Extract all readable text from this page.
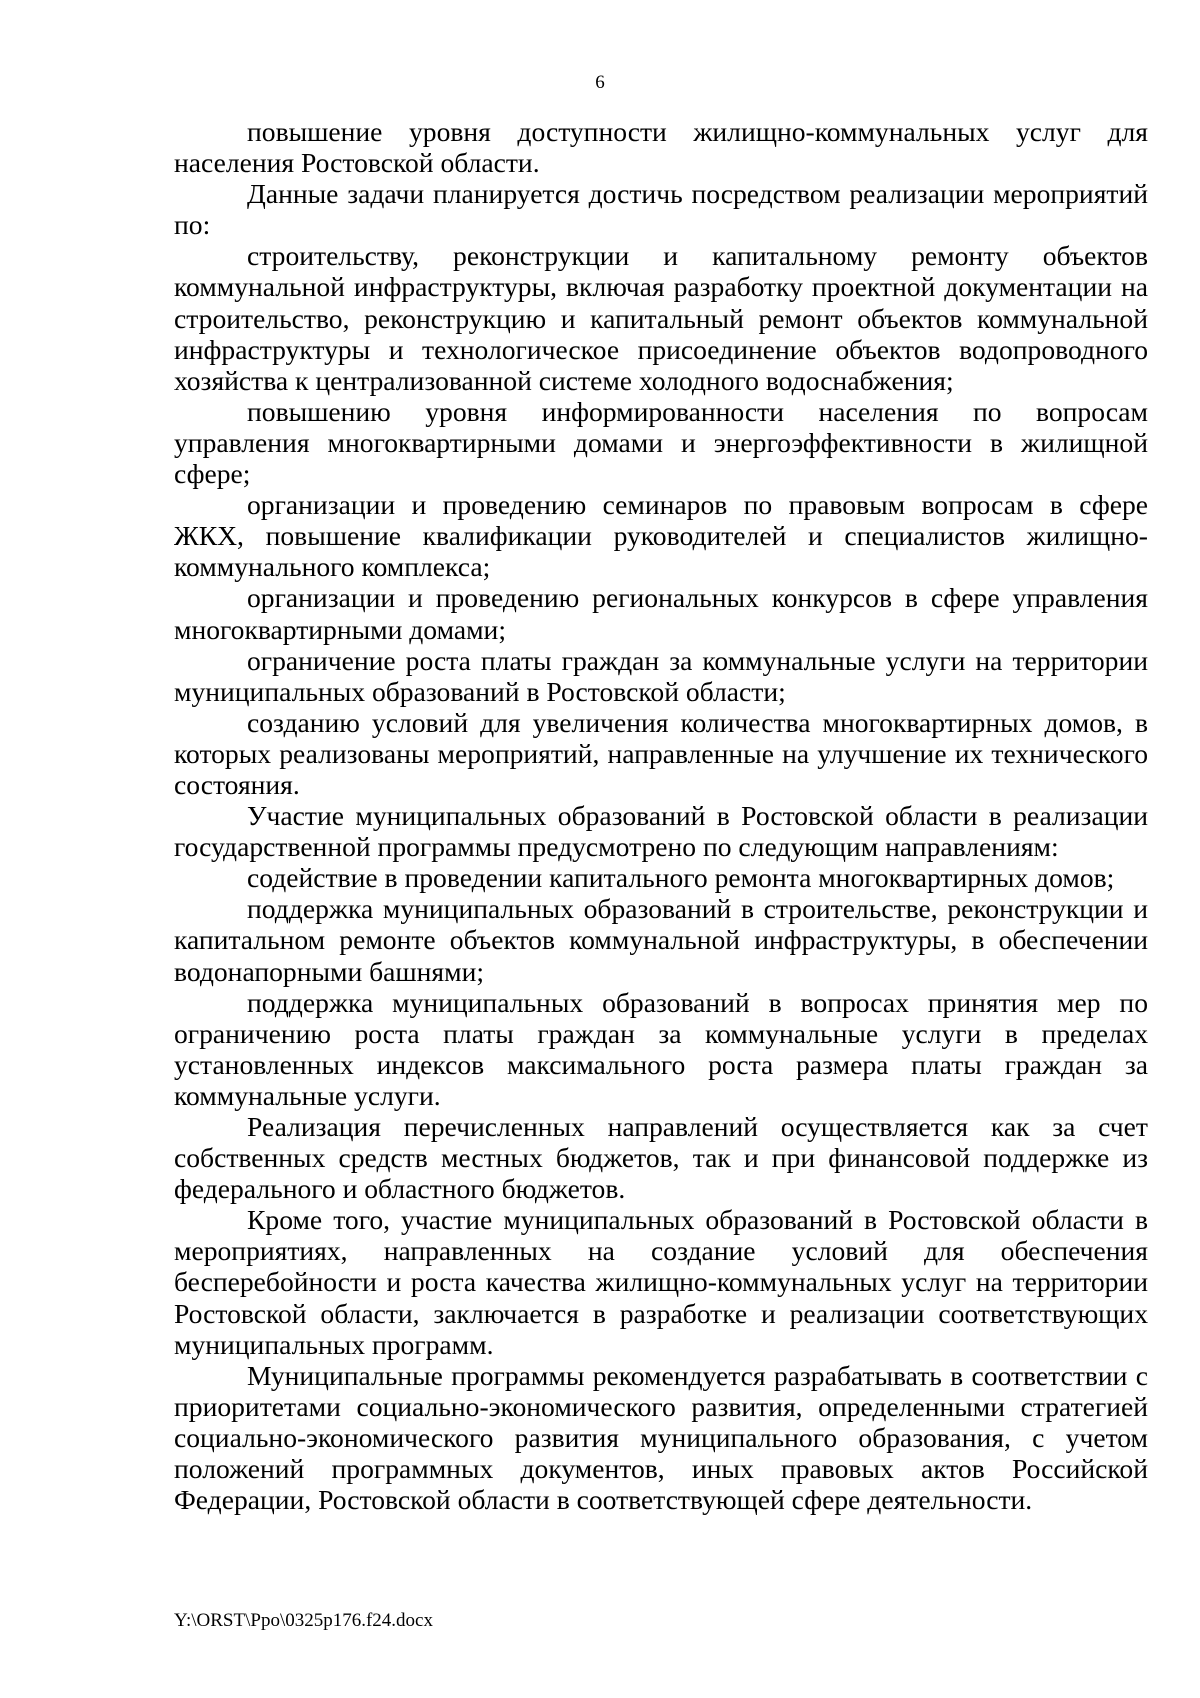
6

повышение уровня доступности жилищно-коммунальных услуг для населения Ростовской области.

Данные задачи планируется достичь посредством реализации мероприятий по:

строительству, реконструкции и капитальному ремонту объектов коммунальной инфраструктуры, включая разработку проектной документации на строительство, реконструкцию и капитальный ремонт объектов коммунальной инфраструктуры и технологическое присоединение объектов водопроводного хозяйства к централизованной системе холодного водоснабжения;

повышению уровня информированности населения по вопросам управления многоквартирными домами и энергоэффективности в жилищной сфере;

организации и проведению семинаров по правовым вопросам в сфере ЖКХ, повышение квалификации руководителей и специалистов жилищно-коммунального комплекса;

организации и проведению региональных конкурсов в сфере управления многоквартирными домами;

ограничение роста платы граждан за коммунальные услуги на территории муниципальных образований в Ростовской области;

созданию условий для увеличения количества многоквартирных домов, в которых реализованы мероприятий, направленные на улучшение их технического состояния.

Участие муниципальных образований в Ростовской области в реализации государственной программы предусмотрено по следующим направлениям:

содействие в проведении капитального ремонта многоквартирных домов;

поддержка муниципальных образований в строительстве, реконструкции и капитальном ремонте объектов коммунальной инфраструктуры, в обеспечении водонапорными башнями;

поддержка муниципальных образований в вопросах принятия мер по ограничению роста платы граждан за коммунальные услуги в пределах установленных индексов максимального роста размера платы граждан за коммунальные услуги.

Реализация перечисленных направлений осуществляется как за счет собственных средств местных бюджетов, так и при финансовой поддержке из федерального и областного бюджетов.

Кроме того, участие муниципальных образований в Ростовской области в мероприятиях, направленных на создание условий для обеспечения бесперебойности и роста качества жилищно-коммунальных услуг на территории Ростовской области, заключается в разработке и реализации соответствующих муниципальных программ.

Муниципальные программы рекомендуется разрабатывать в соответствии с приоритетами социально-экономического развития, определенными стратегией социально-экономического развития муниципального образования, с учетом положений программных документов, иных правовых актов Российской Федерации, Ростовской области в соответствующей сфере деятельности.

Y:\ORST\Ppo\0325p176.f24.docx
